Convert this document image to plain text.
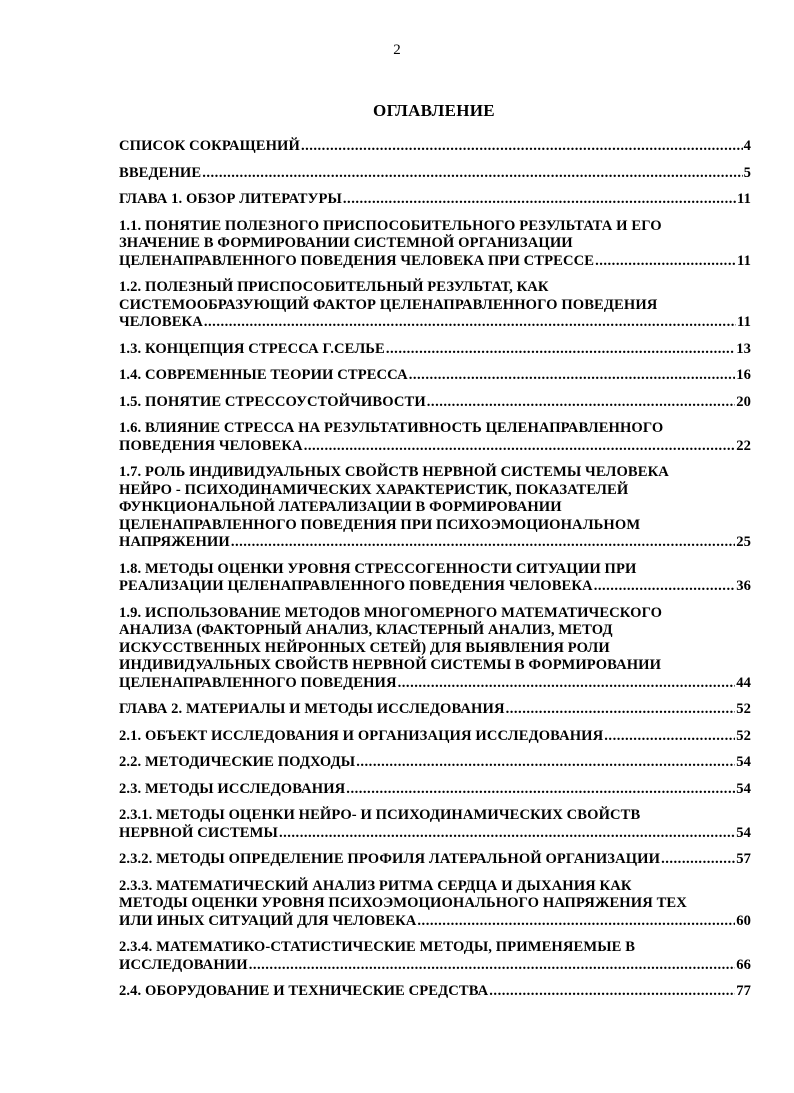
2
ОГЛАВЛЕНИЕ
СПИСОК СОКРАЩЕНИЙ .....	4
ВВЕДЕНИЕ .....	5
ГЛАВА 1. ОБЗОР ЛИТЕРАТУРЫ .....	11
1.1. ПОНЯТИЕ ПОЛЕЗНОГО ПРИСПОСОБИТЕЛЬНОГО РЕЗУЛЬТАТА И ЕГО
ЗНАЧЕНИЕ В ФОРМИРОВАНИИ СИСТЕМНОЙ ОРГАНИЗАЦИИ
ЦЕЛЕНАПРАВЛЕННОГО ПОВЕДЕНИЯ ЧЕЛОВЕКА ПРИ СТРЕССЕ .....	11
1.2. ПОЛЕЗНЫЙ ПРИСПОСОБИТЕЛЬНЫЙ РЕЗУЛЬТАТ, КАК
СИСТЕМООБРАЗУЮЩИЙ ФАКТОР ЦЕЛЕНАПРАВЛЕННОГО ПОВЕДЕНИЯ
ЧЕЛОВЕКА .....	11
1.3. КОНЦЕПЦИЯ СТРЕССА Г.СЕЛЬЕ .....	13
1.4. СОВРЕМЕННЫЕ ТЕОРИИ СТРЕССА .....	16
1.5. ПОНЯТИЕ СТРЕССОУСТОЙЧИВОСТИ .....	20
1.6. ВЛИЯНИЕ СТРЕССА НА РЕЗУЛЬТАТИВНОСТЬ ЦЕЛЕНАПРАВЛЕННОГО
ПОВЕДЕНИЯ ЧЕЛОВЕКА .....	22
1.7. РОЛЬ ИНДИВИДУАЛЬНЫХ СВОЙСТВ НЕРВНОЙ СИСТЕМЫ ЧЕЛОВЕКА
НЕЙРО - ПСИХОДИНАМИЧЕСКИХ ХАРАКТЕРИСТИК, ПОКАЗАТЕЛЕЙ
ФУНКЦИОНАЛЬНОЙ ЛАТЕРАЛИЗАЦИИ В ФОРМИРОВАНИИ
ЦЕЛЕНАПРАВЛЕННОГО ПОВЕДЕНИЯ ПРИ ПСИХОЭМОЦИОНАЛЬНОМ
НАПРЯЖЕНИИ .....	25
1.8. МЕТОДЫ ОЦЕНКИ УРОВНЯ СТРЕССОГЕННОСТИ СИТУАЦИИ ПРИ
РЕАЛИЗАЦИИ ЦЕЛЕНАПРАВЛЕННОГО ПОВЕДЕНИЯ ЧЕЛОВЕКА .....	36
1.9. ИСПОЛЬЗОВАНИЕ МЕТОДОВ МНОГОМЕРНОГО МАТЕМАТИЧЕСКОГО
АНАЛИЗА (ФАКТОРНЫЙ АНАЛИЗ, КЛАСТЕРНЫЙ АНАЛИЗ, МЕТОД
ИСКУССТВЕННЫХ НЕЙРОННЫХ СЕТЕЙ) ДЛЯ ВЫЯВЛЕНИЯ РОЛИ
ИНДИВИДУАЛЬНЫХ СВОЙСТВ НЕРВНОЙ СИСТЕМЫ В ФОРМИРОВАНИИ
ЦЕЛЕНАПРАВЛЕННОГО ПОВЕДЕНИЯ .....	44
ГЛАВА 2. МАТЕРИАЛЫ И МЕТОДЫ ИССЛЕДОВАНИЯ .....	52
2.1. ОБЪЕКТ ИССЛЕДОВАНИЯ И ОРГАНИЗАЦИЯ ИССЛЕДОВАНИЯ .....	52
2.2. МЕТОДИЧЕСКИЕ ПОДХОДЫ .....	54
2.3. МЕТОДЫ ИССЛЕДОВАНИЯ .....	54
2.3.1. МЕТОДЫ ОЦЕНКИ НЕЙРО- И ПСИХОДИНАМИЧЕСКИХ СВОЙСТВ
НЕРВНОЙ СИСТЕМЫ .....	54
2.3.2. МЕТОДЫ ОПРЕДЕЛЕНИЕ ПРОФИЛЯ ЛАТЕРАЛЬНОЙ ОРГАНИЗАЦИИ .....	57
2.3.3. МАТЕМАТИЧЕСКИЙ АНАЛИЗ РИТМА СЕРДЦА И ДЫХАНИЯ КАК
МЕТОДЫ ОЦЕНКИ УРОВНЯ ПСИХОЭМОЦИОНАЛЬНОГО НАПРЯЖЕНИЯ ТЕХ
ИЛИ ИНЫХ СИТУАЦИЙ ДЛЯ ЧЕЛОВЕКА .....	60
2.3.4. МАТЕМАТИКО-СТАТИСТИЧЕСКИЕ МЕТОДЫ, ПРИМЕНЯЕМЫЕ В
ИССЛЕДОВАНИИ .....	66
2.4. ОБОРУДОВАНИЕ И ТЕХНИЧЕСКИЕ СРЕДСТВА .....	77
